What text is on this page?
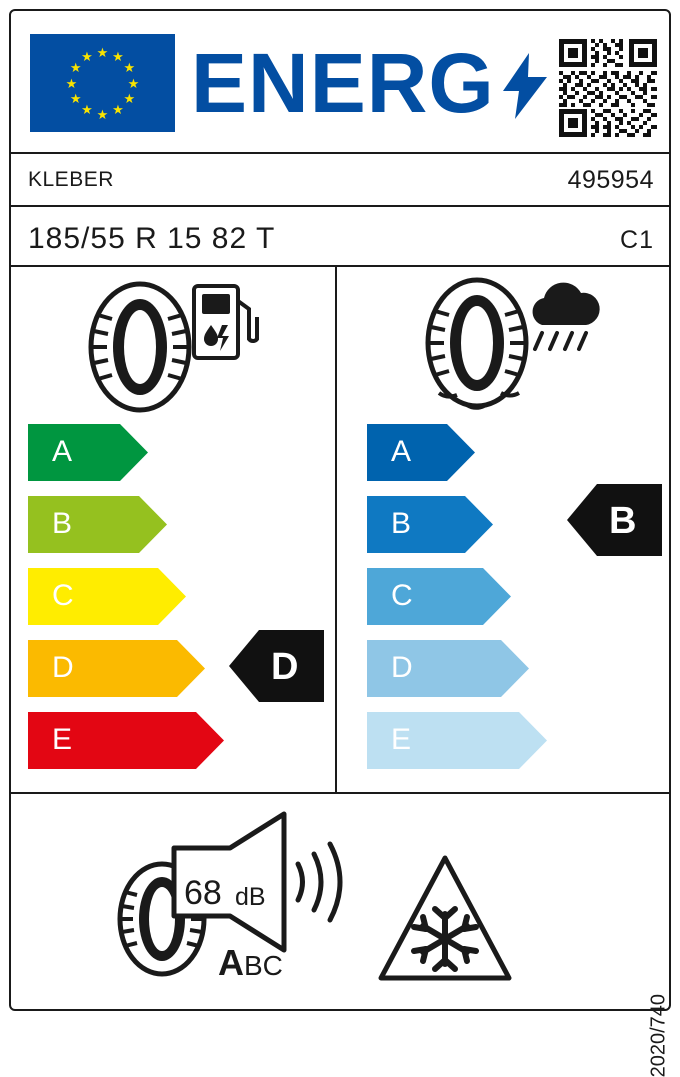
★ ★
★
★
★
★
★
★
★
★
★
★ ENERG
KLEBER	495954
185/55 R 15 82 T	C1
A
B
C
D
E
A
B
C
D
E
D
B
68 dB
ABC
2020/740
